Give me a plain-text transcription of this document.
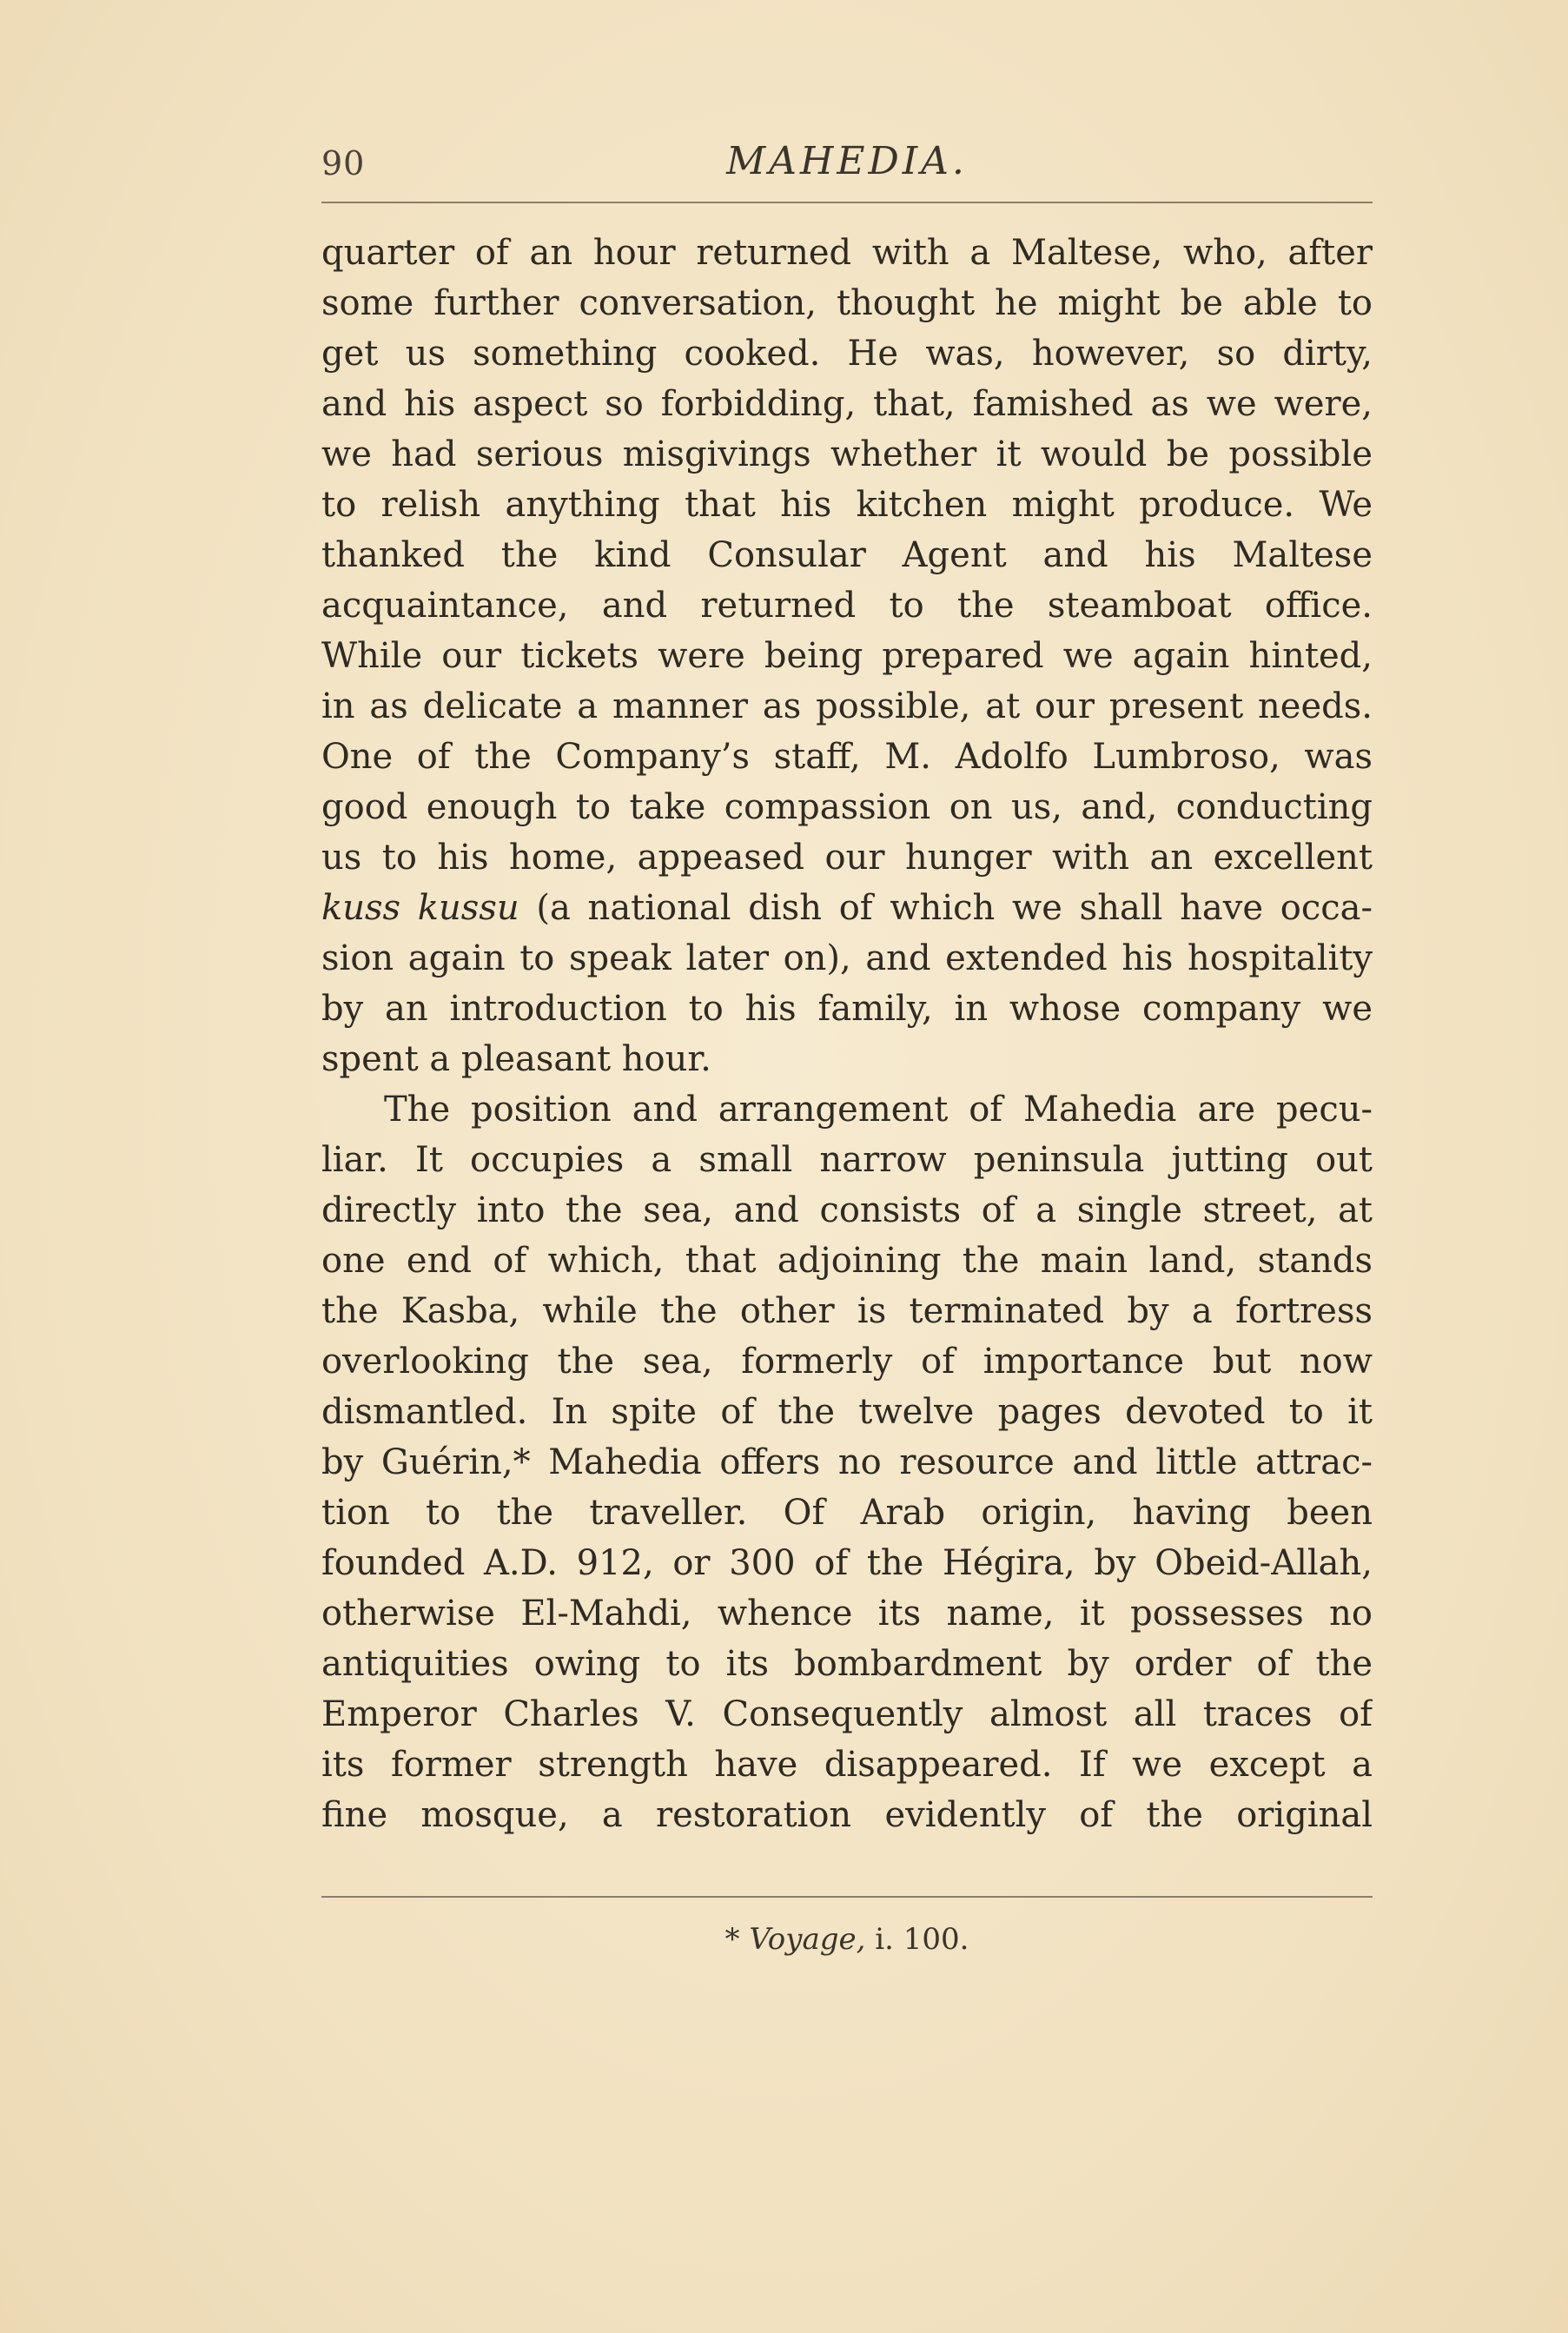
90	MAHEDIA.
quarter of an hour returned with a Maltese, who, after
some further conversation, thought he might be able to
get us something cooked. He was, however, so dirty,
and his aspect so forbidding, that, famished as we were,
we had serious misgivings whether it would be possible
to relish anything that his kitchen might produce. We
thanked the kind Consular Agent and his Maltese
acquaintance, and returned to the steamboat office.
While our tickets were being prepared we again hinted,
in as delicate a manner as possible, at our present needs.
One of the Company’s staff, M. Adolfo Lumbroso, was
good enough to take compassion on us, and, conducting
us to his home, appeased our hunger with an excellent
kuss kussu (a national dish of which we shall have occa-
sion again to speak later on), and extended his hospitality
by an introduction to his family, in whose company we
spent a pleasant hour.
The position and arrangement of Mahedia are pecu-
liar. It occupies a small narrow peninsula jutting out
directly into the sea, and consists of a single street, at
one end of which, that adjoining the main land, stands
the Kasba, while the other is terminated by a fortress
overlooking the sea, formerly of importance but now
dismantled. In spite of the twelve pages devoted to it
by Guérin,* Mahedia offers no resource and little attrac-
tion to the traveller. Of Arab origin, having been
founded A.D. 912, or 300 of the Hégira, by Obeid-Allah,
otherwise El-Mahdi, whence its name, it possesses no
antiquities owing to its bombardment by order of the
Emperor Charles V. Consequently almost all traces of
its former strength have disappeared. If we except a
fine mosque, a restoration evidently of the original
* Voyage, i. 100.
